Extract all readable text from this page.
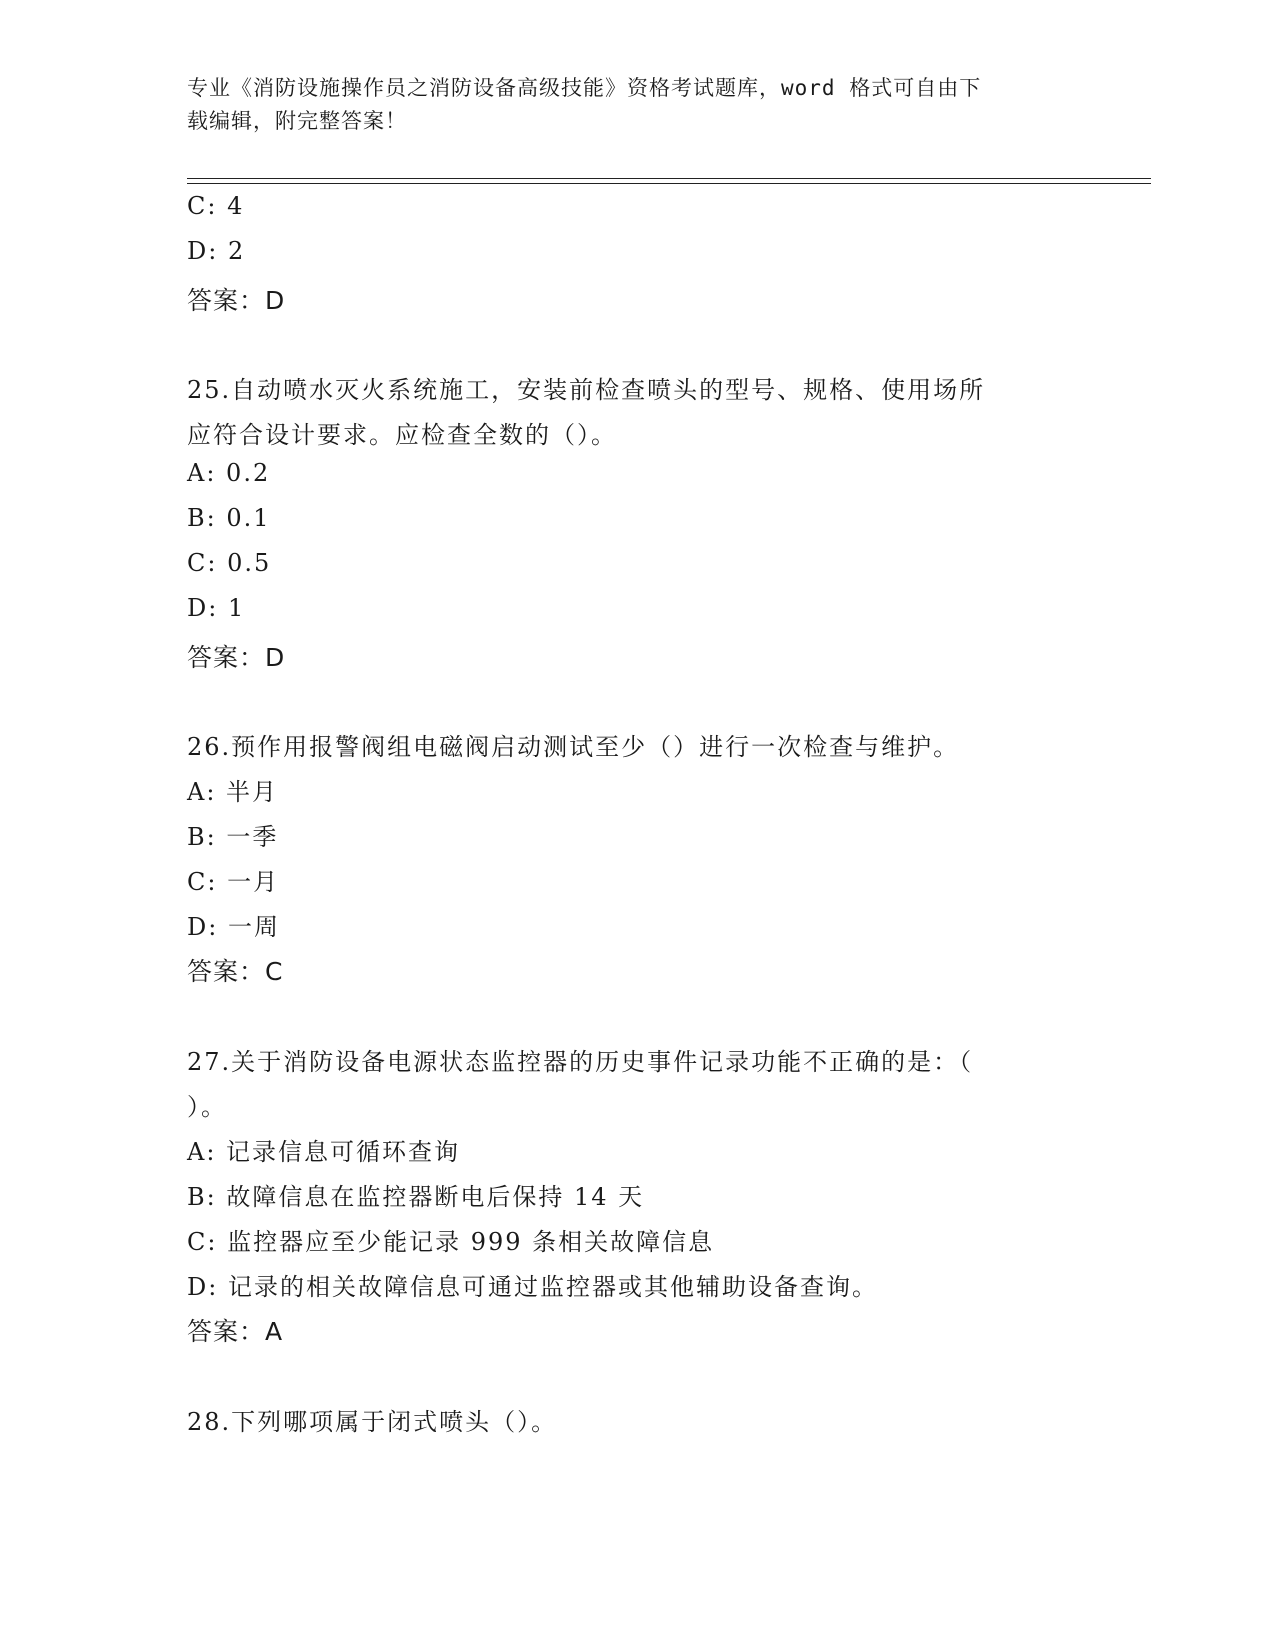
专业《消防设施操作员之消防设备高级技能》资格考试题库，word 格式可自由下
载编辑，附完整答案！
C: 4
D: 2
答案：D
25.自动喷水灭火系统施工，安装前检查喷头的型号、规格、使用场所
应符合设计要求。应检查全数的（）。
A: 0.2
B: 0.1
C: 0.5
D: 1
答案：D
26.预作用报警阀组电磁阀启动测试至少（）进行一次检查与维护。
A: 半月
B: 一季
C: 一月
D: 一周
答案：C
27.关于消防设备电源状态监控器的历史事件记录功能不正确的是：（
）。
A: 记录信息可循环查询
B: 故障信息在监控器断电后保持 14 天
C: 监控器应至少能记录 999 条相关故障信息
D: 记录的相关故障信息可通过监控器或其他辅助设备查询。
答案：A
28.下列哪项属于闭式喷头（）。
